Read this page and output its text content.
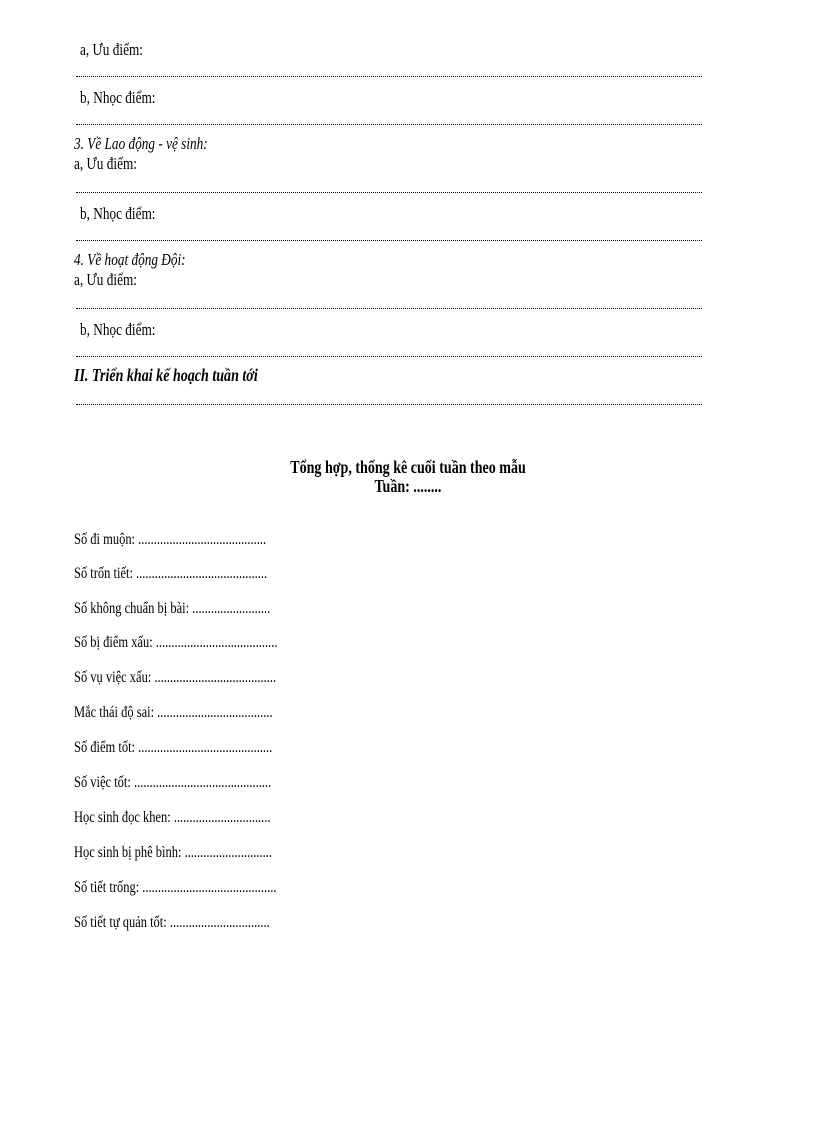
a, Ưu điểm:
b, Nhọc điểm:
3. Về Lao động - vệ sinh:
a, Ưu điểm:
b, Nhọc điểm:
4. Về hoạt động Đội:
a, Ưu điểm:
b, Nhọc điểm:
II. Triển khai kế hoạch tuần tới
Tổng hợp, thống kê cuối tuần theo mẫu
Tuần: ........
Số đi muộn: .........................................
Số trốn tiết: ..........................................
Số không chuẩn bị bài: .........................
Số bị điểm xấu: .......................................
Số vụ việc xấu: .......................................
Mắc thái độ sai: .....................................
Số điểm tốt: ...........................................
Số việc tốt: ............................................
Học sinh đọc khen: ...............................
Học sinh bị phê bình: ............................
Số tiết trống: ...........................................
Số tiết tự quản tốt: ................................
